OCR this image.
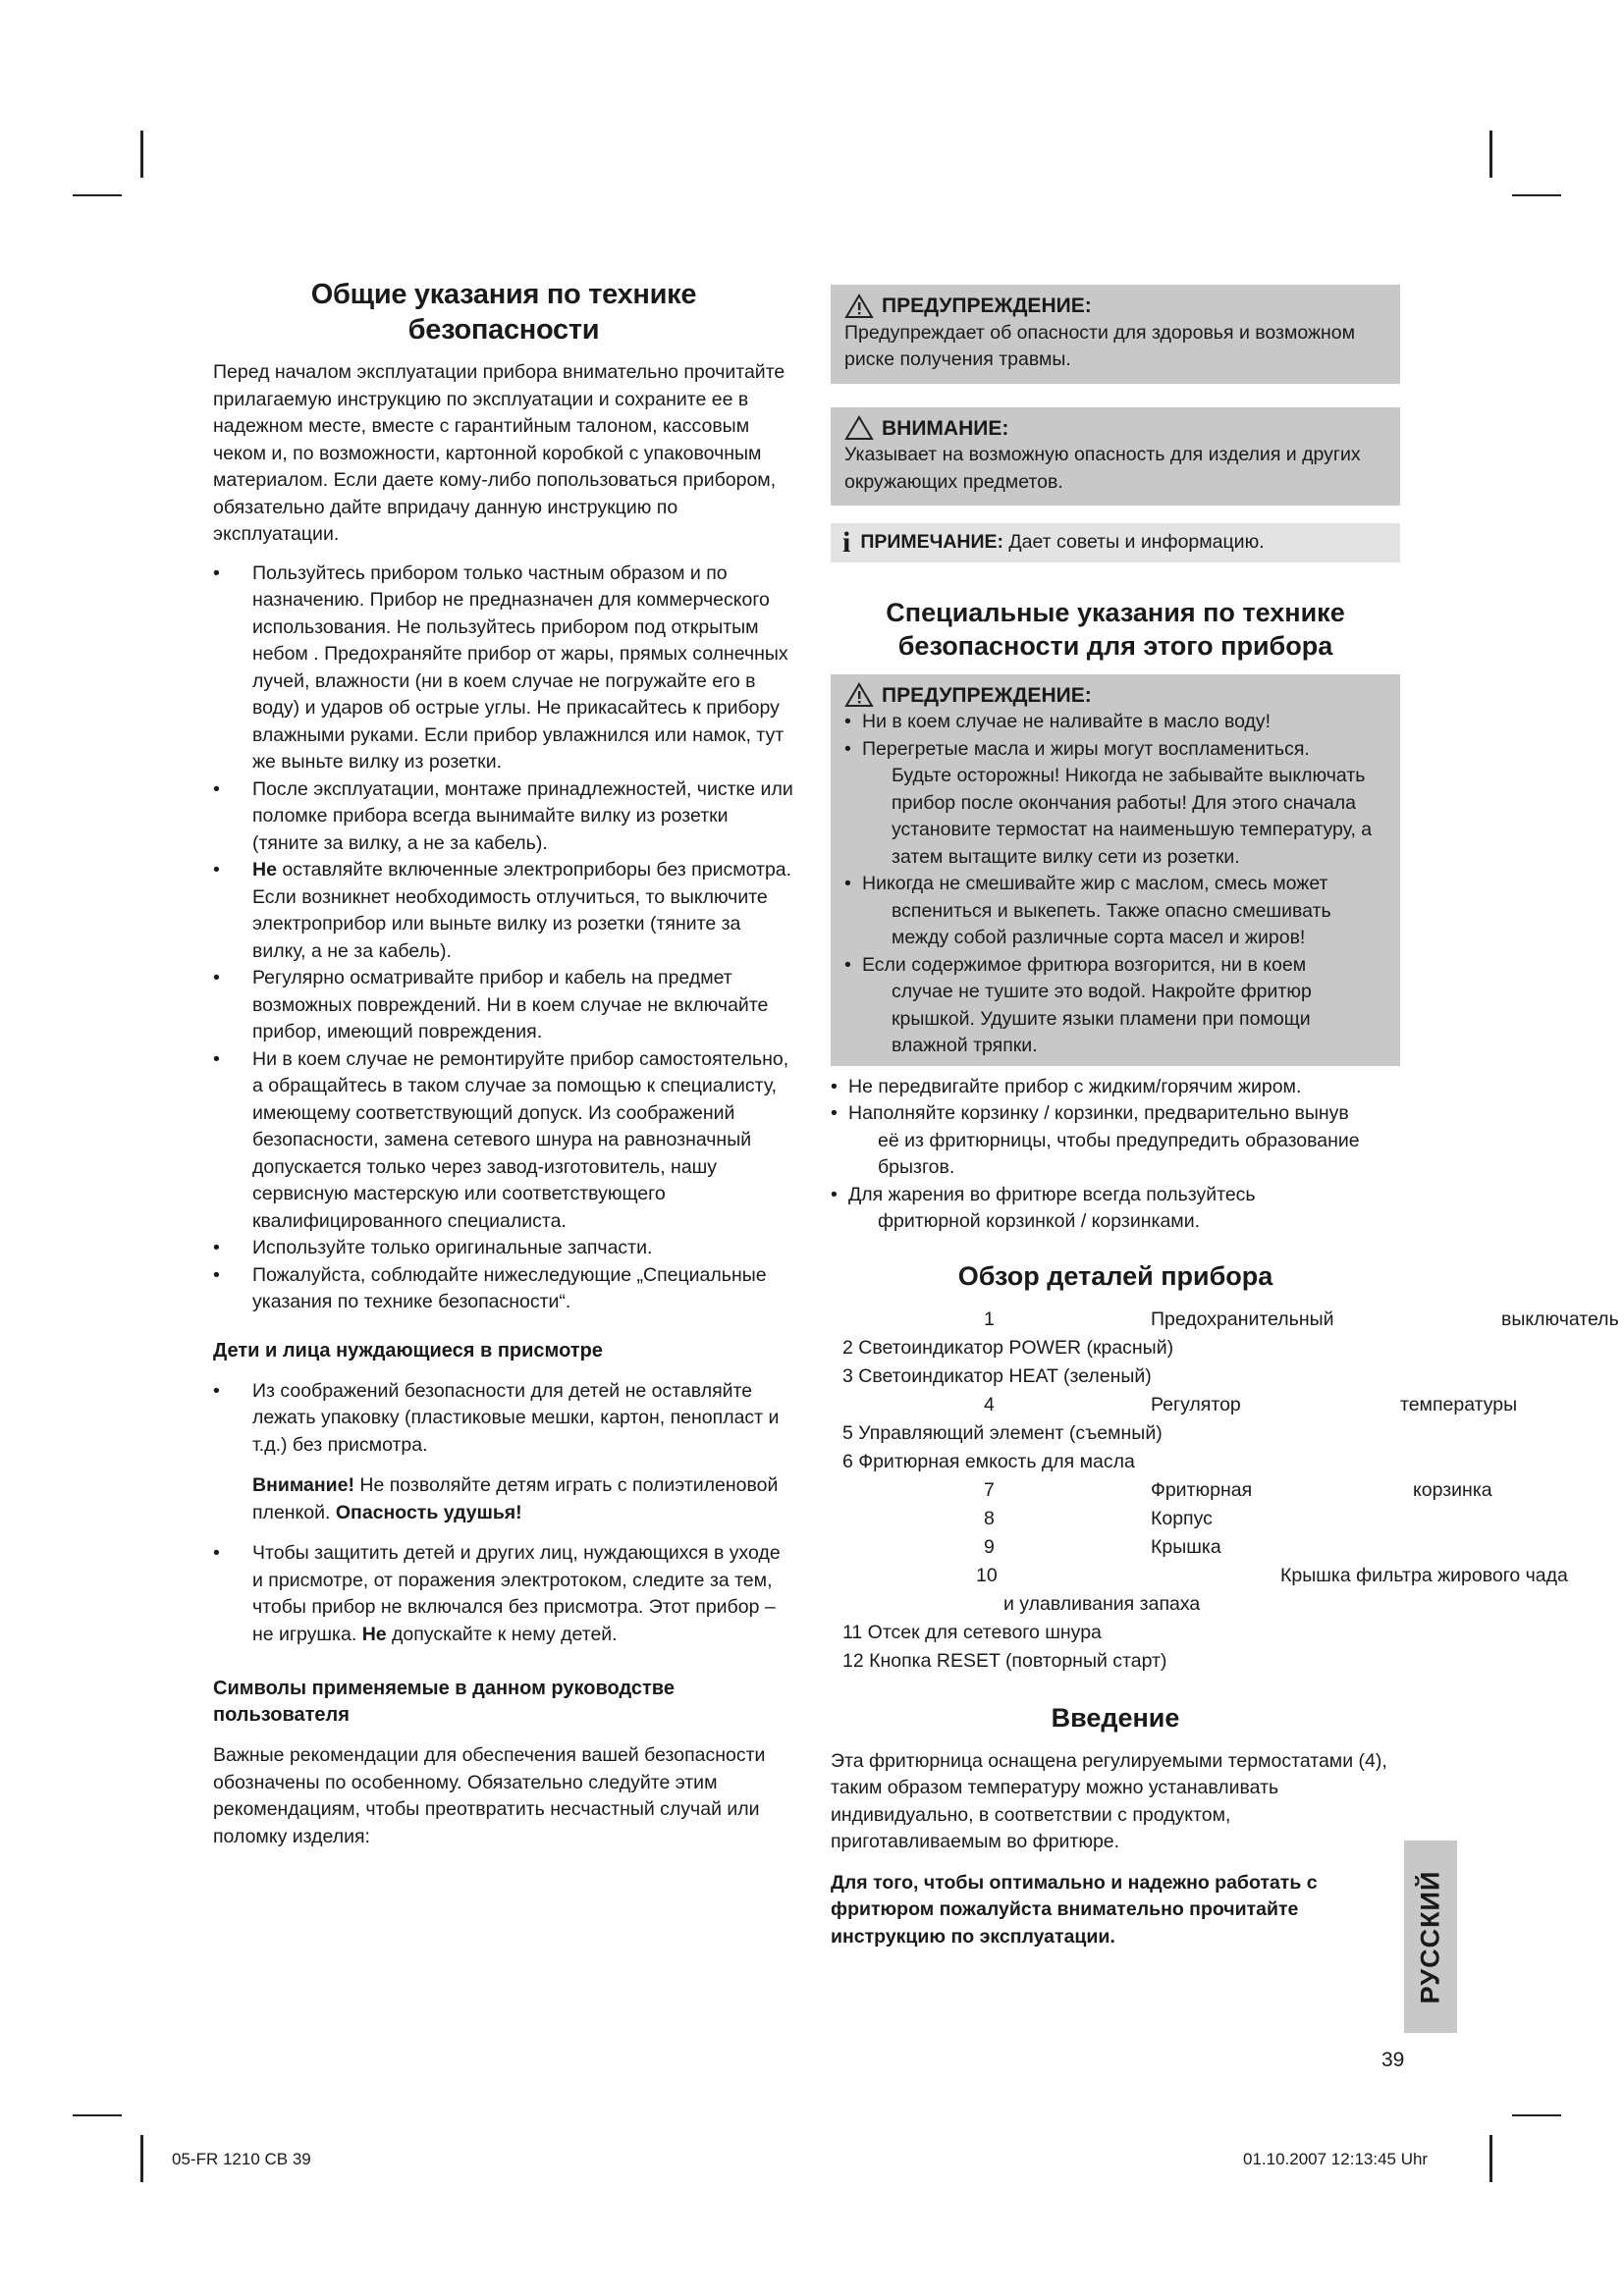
Общие указания по технике безопасности

Перед началом эксплуатации прибора внимательно прочитайте прилагаемую инструкцию по эксплуатации и сохраните ее в надежном месте, вместе с гарантийным талоном, кассовым чеком и, по возможности, картонной коробкой с упаковочным материалом. Если даете кому-либо попользоваться прибором, обязательно дайте впридачу данную инструкцию по эксплуатации.

• Пользуйтесь прибором только частным образом и по назначению. Прибор не предназначен для коммерческого использования. Не пользуйтесь прибором под открытым небом . Предохраняйте прибор от жары, прямых солнечных лучей, влажности (ни в коем случае не погружайте его в воду) и ударов об острые углы. Не прикасайтесь к прибору влажными руками. Если прибор увлажнился или намок, тут же выньте вилку из розетки.
• После эксплуатации, монтаже принадлежностей, чистке или поломке прибора всегда вынимайте вилку из розетки (тяните за вилку, а не за кабель).
• Не оставляйте включенные электроприборы без присмотра. Если возникнет необходимость отлучиться, то выключите электроприбор или выньте вилку из розетки (тяните за вилку, а не за кабель).
• Регулярно осматривайте прибор и кабель на предмет возможных повреждений. Ни в коем случае не включайте прибор, имеющий повреждения.
• Ни в коем случае не ремонтируйте прибор самостоятельно, а обращайтесь в таком случае за помощью к специалисту, имеющему соответствующий допуск. Из соображений безопасности, замена сетевого шнура на равнозначный допускается только через завод-изготовитель, нашу сервисную мастерскую или соответствующего квалифицированного специалиста.
• Используйте только оригинальные запчасти.
• Пожалуйста, соблюдайте нижеследующие „Специальные указания по технике безопасности“.
Дети и лица нуждающиеся в присмотре
• Из соображений безопасности для детей не оставляйте лежать упаковку (пластиковые мешки, картон, пенопласт и т.д.) без присмотра.

Внимание! Не позволяйте детям играть с полиэтиленовой пленкой. Опасность удушья!

• Чтобы защитить детей и других лиц, нуждающихся в уходе и присмотре, от поражения электротоком, следите за тем, чтобы прибор не включался без присмотра. Этот прибор – не игрушка. Не допускайте к нему детей.
Символы применяемые в данном руководстве пользователя

Важные рекомендации для обеспечения вашей безопасности обозначены по особенному. Обязательно следуйте этим рекомендациям, чтобы преотвратить несчастный случай или поломку изделия:

ПРЕДУПРЕЖДЕНИЕ:

Предупреждает об опасности для здоровья и возможном риске получения травмы.

ВНИМАНИЕ:

Указывает на возможную опасность для изделия и других окружающих предметов.

i ПРИМЕЧАНИЕ: Дает советы и информацию.
Специальные указания по технике
безопасности для этого прибора
ПРЕДУПРЕЖДЕНИЕ:
• Ни в коем случае не наливайте в масло воду!
• Перегретые масла и жиры могут воспламениться.
Будьте осторожны! Никогда не забывайте выключать прибор после окончания работы! Для этого сначала установите термостат на наименьшую температуру, а затем вытащите вилку сети из розетки.
• Никогда не смешивайте жир с маслом, смесь может
вспениться и выкепеть. Также опасно смешивать между собой различные сорта масел и жиров!
• Если содержимое фритюра возгорится, ни в коем
случае не тушите это водой. Накройте фритюр крышкой. Удушите языки пламени при помощи влажной тряпки.
• Не передвигайте прибор с жидким/горячим жиром.
• Наполняйте корзинку / корзинки, предварительно вынув
её из фритюрницы, чтобы предупредить образование брызгов.
• Для жарения во фритюре всегда пользуйтесь
фритюрной корзинкой / корзинками.
Обзор деталей прибора
1	Предохранительный	выключатель
2 Светоиндикатор POWER (красный)
3 Светоиндикатор HEAT (зеленый)
4	Регулятор	температуры
5 Управляющий элемент (съемный)
6 Фритюрная емкость для масла
7	Фритюрная	корзинка
8	Корпус
9	Крышка
10	Крышка фильтра жирового чада
и улавливания запаха
11 Отсек для сетевого шнура
12 Кнопка RESET (повторный старт)
Введение

Эта фритюрница оснащена регулируемыми термостатами (4), таким образом температуру можно устанавливать индивидуально, в соответствии с продуктом, приготавливаемым во фритюре.

Для того, чтобы оптимально и надежно работать с фритюром пожалуйста внимательно прочитайте инструкцию по эксплуатации.	РУССКИЙ
39
05-FR 1210 CB 39	01.10.2007 12:13:45 Uhr
